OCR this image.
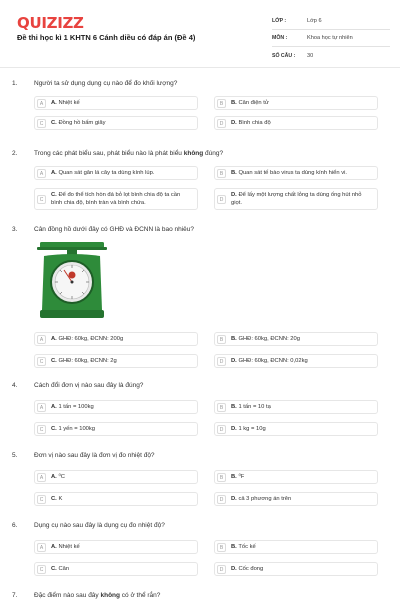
QUIZIZZ
Đề thi học kì 1 KHTN 6 Cánh diều có đáp án (Đề 4)
LỚP :	Lớp 6
MÔN :	Khoa học tự nhiên
SỐ CÂU :	30
1.	Người ta sử dụng dụng cụ nào để đo khối lượng?
A	A. Nhiệt kế	B	B. Cân điện tử
C	C. Đồng hồ bấm giây	D	D. Bình chia độ
2.	Trong các phát biểu sau, phát biểu nào là phát biểu không đúng?
A	A. Quan sát gân lá cây ta dùng kính lúp.	B	B. Quan sát tế bào virus ta dùng kính hiển vi.
C
C. Để đo thể tích hòn đá bỏ lọt bình chia độ ta cần bình chia độ, bình tràn và bình chứa.	D
D. Để lấy một lượng chất lỏng ta dùng ống hút nhỏ giọt.
3.	Cân đồng hồ dưới đây có GHĐ và ĐCNN là bao nhiêu?
A	A. GHĐ: 60kg, ĐCNN: 200g	B	B. GHĐ: 60kg, ĐCNN: 20g
C	C. GHĐ: 60kg, ĐCNN: 2g	D	D. GHĐ: 60kg, ĐCNN: 0,02kg
4.	Cách đổi đơn vị nào sau đây là đúng?
A	A. 1 tấn = 100kg	B	B. 1 tấn = 10 tạ
C	C. 1 yến = 100kg	D	D. 1 kg = 10g
5.	Đơn vị nào sau đây là đơn vị đo nhiệt độ?
A	A. ⁰C	B	B. ⁰F
C	C. K	D	D. cả 3 phương án trên
6.	Dụng cụ nào sau đây là dụng cụ đo nhiệt độ?
A	A. Nhiệt kế	B	B. Tốc kế
C	C. Cân	D	D. Cốc đong
7.	Đặc điểm nào sau đây không có ở thể rắn?
